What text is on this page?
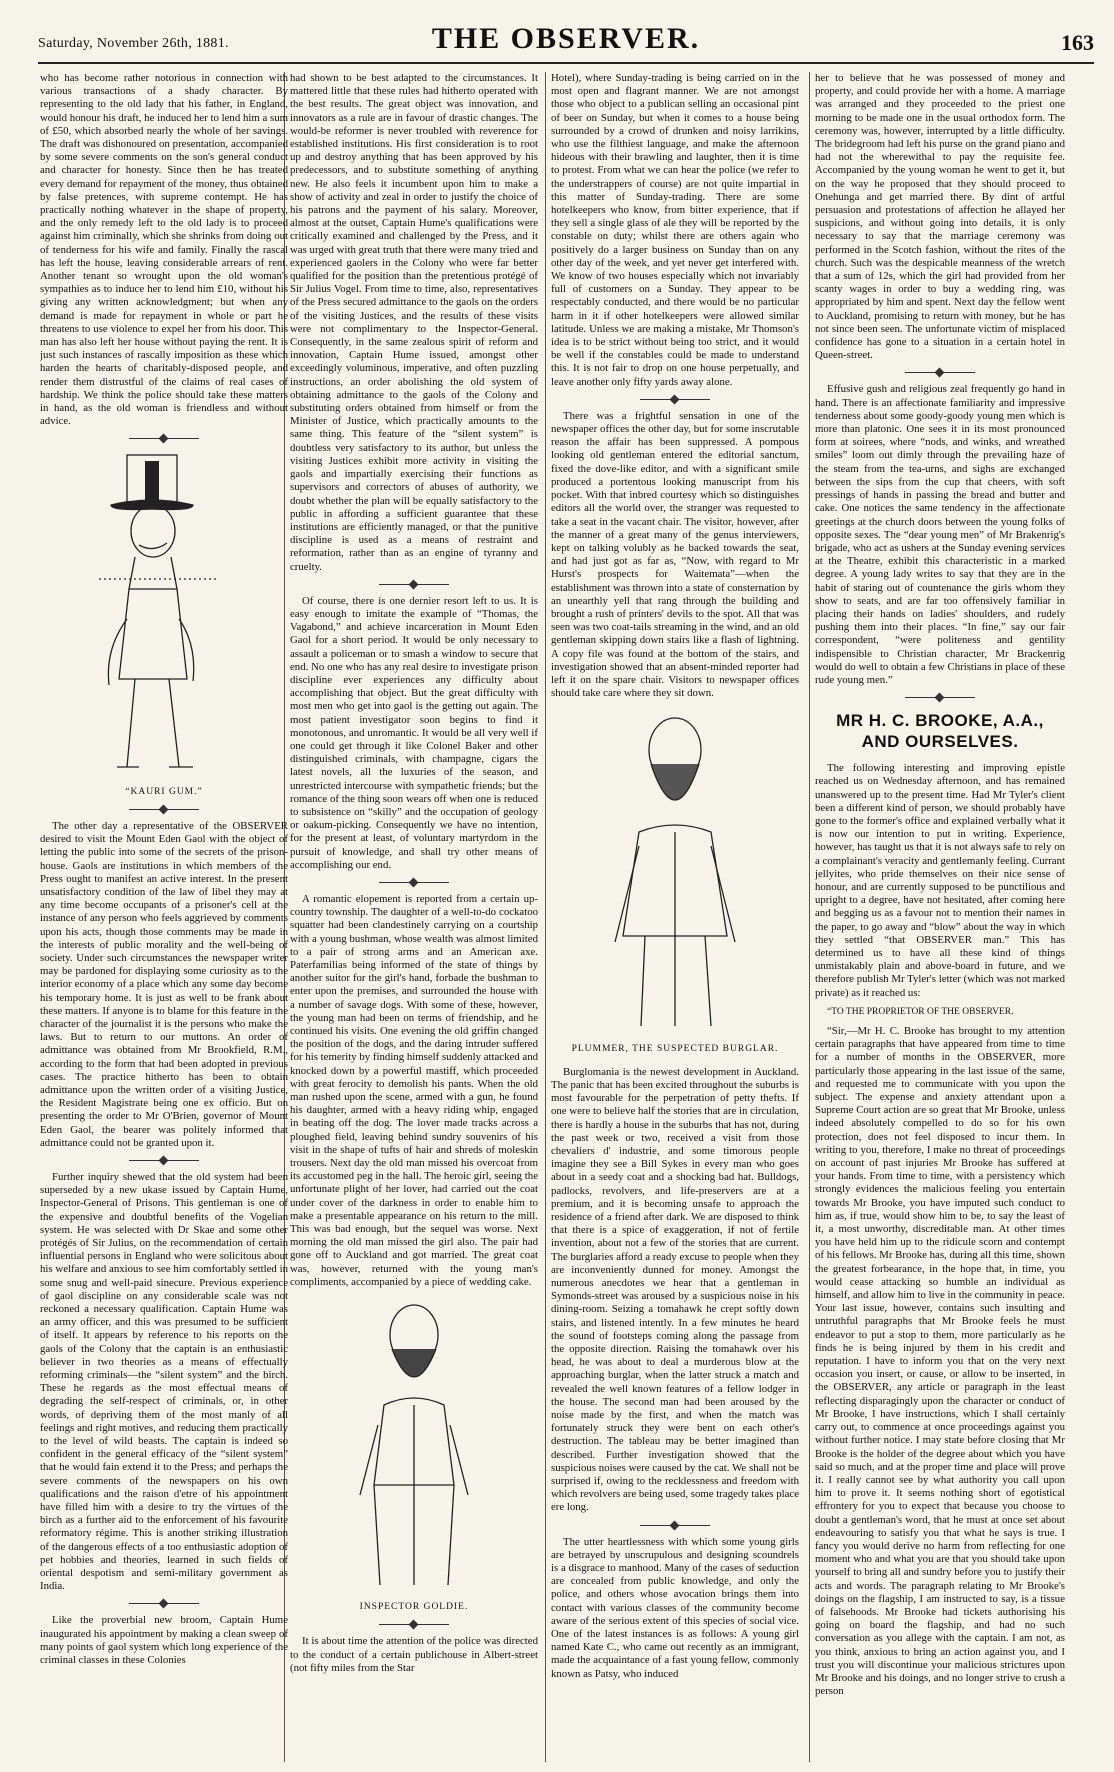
Saturday, November 26th, 1881.	THE OBSERVER.	163

who has become rather notorious in connection with various transactions of a shady character. By representing to the old lady that his father, in England, would honour his draft, he induced her to lend him a sum of £50, which absorbed nearly the whole of her savings. The draft was dishonoured on presentation, accompanied by some severe comments on the son's general conduct and character for honesty. Since then he has treated every demand for repayment of the money, thus obtained by false pretences, with supreme contempt. He has practically nothing whatever in the shape of property, and the only remedy left to the old lady is to proceed against him criminally, which she shrinks from doing out of tenderness for his wife and family. Finally the rascal has left the house, leaving considerable arrears of rent. Another tenant so wrought upon the old woman's sympathies as to induce her to lend him £10, without his giving any written acknowledgment; but when any demand is made for repayment in whole or part he threatens to use violence to expel her from his door. This man has also left her house without paying the rent. It is just such instances of rascally imposition as these which harden the hearts of charitably-disposed people, and render them distrustful of the claims of real cases of hardship. We think the police should take these matters in hand, as the old woman is friendless and without advice.

“KAURI GUM.”

The other day a representative of the OBSERVER desired to visit the Mount Eden Gaol with the object of letting the public into some of the secrets of the prison-house. Gaols are institutions in which members of the Press ought to manifest an active interest. In the present unsatisfactory condition of the law of libel they may at any time become occupants of a prisoner's cell at the instance of any person who feels aggrieved by comments upon his acts, though those comments may be made in the interests of public morality and the well-being of society. Under such circumstances the newspaper writer may be pardoned for displaying some curiosity as to the interior economy of a place which any some day become his temporary home. It is just as well to be frank about these matters. If anyone is to blame for this feature in the character of the journalist it is the persons who make the laws. But to return to our muttons. An order of admittance was obtained from Mr Brookfield, R.M., according to the form that had been adopted in previous cases. The practice hitherto has been to obtain admittance upon the written order of a visiting Justice, the Resident Magistrate being one ex officio. But on presenting the order to Mr O'Brien, governor of Mount Eden Gaol, the bearer was politely informed that admittance could not be granted upon it.

Further inquiry shewed that the old system had been superseded by a new ukase issued by Captain Hume, Inspector-General of Prisons. This gentleman is one of the expensive and doubtful benefits of the Vogelian system. He was selected with Dr Skae and some other protégés of Sir Julius, on the recommendation of certain influential persons in England who were solicitous about his welfare and anxious to see him comfortably settled in some snug and well-paid sinecure. Previous experience of gaol discipline on any considerable scale was not reckoned a necessary qualification. Captain Hume was an army officer, and this was presumed to be sufficient of itself. It appears by reference to his reports on the gaols of the Colony that the captain is an enthusiastic believer in two theories as a means of effectually reforming criminals—the “silent system” and the birch. These he regards as the most effectual means of degrading the self-respect of criminals, or, in other words, of depriving them of the most manly of all feelings and right motives, and reducing them practically to the level of wild beasts. The captain is indeed so confident in the general efficacy of the “silent system” that he would fain extend it to the Press; and perhaps the severe comments of the newspapers on his own qualifications and the raison d'etre of his appointment have filled him with a desire to try the virtues of the birch as a further aid to the enforcement of his favourite reformatory régime. This is another striking illustration of the dangerous effects of a too enthusiastic adoption of pet hobbies and theories, learned in such fields of oriental despotism and semi-military government as India.

Like the proverbial new broom, Captain Hume inaugurated his appointment by making a clean sweep of many points of gaol system which long experience of the criminal classes in these Colonies

had shown to be best adapted to the circumstances. It mattered little that these rules had hitherto operated with the best results. The great object was innovation, and innovators as a rule are in favour of drastic changes. The would-be reformer is never troubled with reverence for established institutions. His first consideration is to root up and destroy anything that has been approved by his predecessors, and to substitute something of anything new. He also feels it incumbent upon him to make a show of activity and zeal in order to justify the choice of his patrons and the payment of his salary. Moreover, almost at the outset, Captain Hume's qualifications were critically examined and challenged by the Press, and it was urged with great truth that there were many tried and experienced gaolers in the Colony who were far better qualified for the position than the pretentious protégé of Sir Julius Vogel. From time to time, also, representatives of the Press secured admittance to the gaols on the orders of the visiting Justices, and the results of these visits were not complimentary to the Inspector-General. Consequently, in the same zealous spirit of reform and innovation, Captain Hume issued, amongst other exceedingly voluminous, imperative, and often puzzling instructions, an order abolishing the old system of obtaining admittance to the gaols of the Colony and substituting orders obtained from himself or from the Minister of Justice, which practically amounts to the same thing. This feature of the “silent system” is doubtless very satisfactory to its author, but unless the visiting Justices exhibit more activity in visiting the gaols and impartially exercising their functions as supervisors and correctors of abuses of authority, we doubt whether the plan will be equally satisfactory to the public in affording a sufficient guarantee that these institutions are efficiently managed, or that the punitive discipline is used as a means of restraint and reformation, rather than as an engine of tyranny and cruelty.

Of course, there is one dernier resort left to us. It is easy enough to imitate the example of “Thomas, the Vagabond,” and achieve incarceration in Mount Eden Gaol for a short period. It would be only necessary to assault a policeman or to smash a window to secure that end. No one who has any real desire to investigate prison discipline ever experiences any difficulty about accomplishing that object. But the great difficulty with most men who get into gaol is the getting out again. The most patient investigator soon begins to find it monotonous, and unromantic. It would be all very well if one could get through it like Colonel Baker and other distinguished criminals, with champagne, cigars the latest novels, all the luxuries of the season, and unrestricted intercourse with sympathetic friends; but the romance of the thing soon wears off when one is reduced to subsistence on “skilly” and the occupation of geology or oakum-picking. Consequently we have no intention, for the present at least, of voluntary martyrdom in the pursuit of knowledge, and shall try other means of accomplishing our end.

A romantic elopement is reported from a certain up-country township. The daughter of a well-to-do cockatoo squatter had been clandestinely carrying on a courtship with a young bushman, whose wealth was almost limited to a pair of strong arms and an American axe. Paterfamilias being informed of the state of things by another suitor for the girl's hand, forbade the bushman to enter upon the premises, and surrounded the house with a number of savage dogs. With some of these, however, the young man had been on terms of friendship, and he continued his visits. One evening the old griffin changed the position of the dogs, and the daring intruder suffered for his temerity by finding himself suddenly attacked and knocked down by a powerful mastiff, which proceeded with great ferocity to demolish his pants. When the old man rushed upon the scene, armed with a gun, he found his daughter, armed with a heavy riding whip, engaged in beating off the dog. The lover made tracks across a ploughed field, leaving behind sundry souvenirs of his visit in the shape of tufts of hair and shreds of moleskin trousers. Next day the old man missed his overcoat from its accustomed peg in the hall. The heroic girl, seeing the unfortunate plight of her lover, had carried out the coat under cover of the darkness in order to enable him to make a presentable appearance on his return to the mill. This was bad enough, but the sequel was worse. Next morning the old man missed the girl also. The pair had gone off to Auckland and got married. The great coat was, however, returned with the young man's compliments, accompanied by a piece of wedding cake.

INSPECTOR GOLDIE.

It is about time the attention of the police was directed to the conduct of a certain publichouse in Albert-street (not fifty miles from the Star

Hotel), where Sunday-trading is being carried on in the most open and flagrant manner. We are not amongst those who object to a publican selling an occasional pint of beer on Sunday, but when it comes to a house being surrounded by a crowd of drunken and noisy larrikins, who use the filthiest language, and make the afternoon hideous with their brawling and laughter, then it is time to protest. From what we can hear the police (we refer to the understrappers of course) are not quite impartial in this matter of Sunday-trading. There are some hotelkeepers who know, from bitter experience, that if they sell a single glass of ale they will be reported by the constable on duty; whilst there are others again who positively do a larger business on Sunday than on any other day of the week, and yet never get interfered with. We know of two houses especially which not invariably full of customers on a Sunday. They appear to be respectably conducted, and there would be no particular harm in it if other hotelkeepers were allowed similar latitude. Unless we are making a mistake, Mr Thomson's idea is to be strict without being too strict, and it would be well if the constables could be made to understand this. It is not fair to drop on one house perpetually, and leave another only fifty yards away alone.

There was a frightful sensation in one of the newspaper offices the other day, but for some inscrutable reason the affair has been suppressed. A pompous looking old gentleman entered the editorial sanctum, fixed the dove-like editor, and with a significant smile produced a portentous looking manuscript from his pocket. With that inbred courtesy which so distinguishes editors all the world over, the stranger was requested to take a seat in the vacant chair. The visitor, however, after the manner of a great many of the genus interviewers, kept on talking volubly as he backed towards the seat, and had just got as far as, “Now, with regard to Mr Hurst's prospects for Waitemata”—when the establishment was thrown into a state of consternation by an unearthly yell that rang through the building and brought a rush of printers' devils to the spot. All that was seen was two coat-tails streaming in the wind, and an old gentleman skipping down stairs like a flash of lightning. A copy file was found at the bottom of the stairs, and investigation showed that an absent-minded reporter had left it on the spare chair. Visitors to newspaper offices should take care where they sit down.

PLUMMER, THE SUSPECTED BURGLAR.

Burglomania is the newest development in Auckland. The panic that has been excited throughout the suburbs is most favourable for the perpetration of petty thefts. If one were to believe half the stories that are in circulation, there is hardly a house in the suburbs that has not, during the past week or two, received a visit from those chevaliers d' industrie, and some timorous people imagine they see a Bill Sykes in every man who goes about in a seedy coat and a shocking bad hat. Bulldogs, padlocks, revolvers, and life-preservers are at a premium, and it is becoming unsafe to approach the residence of a friend after dark. We are disposed to think that there is a spice of exaggeration, if not of fertile invention, about not a few of the stories that are current. The burglaries afford a ready excuse to people when they are inconveniently dunned for money. Amongst the numerous anecdotes we hear that a gentleman in Symonds-street was aroused by a suspicious noise in his dining-room. Seizing a tomahawk he crept softly down stairs, and listened intently. In a few minutes he heard the sound of footsteps coming along the passage from the opposite direction. Raising the tomahawk over his head, he was about to deal a murderous blow at the approaching burglar, when the latter struck a match and revealed the well known features of a fellow lodger in the house. The second man had been aroused by the noise made by the first, and when the match was fortunately struck they were bent on each other's destruction. The tableau may be better imagined than described. Further investigation showed that the suspicious noises were caused by the cat. We shall not be surprised if, owing to the recklessness and freedom with which revolvers are being used, some tragedy takes place ere long.

The utter heartlessness with which some young girls are betrayed by unscrupulous and designing scoundrels is a disgrace to manhood. Many of the cases of seduction are concealed from public knowledge, and only the police, and others whose avocation brings them into contact with various classes of the community become aware of the serious extent of this species of social vice. One of the latest instances is as follows: A young girl named Kate C., who came out recently as an immigrant, made the acquaintance of a fast young fellow, commonly known as Patsy, who induced

her to believe that he was possessed of money and property, and could provide her with a home. A marriage was arranged and they proceeded to the priest one morning to be made one in the usual orthodox form. The ceremony was, however, interrupted by a little difficulty. The bridegroom had left his purse on the grand piano and had not the wherewithal to pay the requisite fee. Accompanied by the young woman he went to get it, but on the way he proposed that they should proceed to Onehunga and get married there. By dint of artful persuasion and protestations of affection he allayed her suspicions, and without going into details, it is only necessary to say that the marriage ceremony was performed in the Scotch fashion, without the rites of the church. Such was the despicable meanness of the wretch that a sum of 12s, which the girl had provided from her scanty wages in order to buy a wedding ring, was appropriated by him and spent. Next day the fellow went to Auckland, promising to return with money, but he has not since been seen. The unfortunate victim of misplaced confidence has gone to a situation in a certain hotel in Queen-street.

Effusive gush and religious zeal frequently go hand in hand. There is an affectionate familiarity and impressive tenderness about some goody-goody young men which is more than platonic. One sees it in its most pronounced form at soirees, where “nods, and winks, and wreathed smiles” loom out dimly through the prevailing haze of the steam from the tea-urns, and sighs are exchanged between the sips from the cup that cheers, with soft pressings of hands in passing the bread and butter and cake. One notices the same tendency in the affectionate greetings at the church doors between the young folks of opposite sexes. The “dear young men” of Mr Brakenrig's brigade, who act as ushers at the Sunday evening services at the Theatre, exhibit this characteristic in a marked degree. A young lady writes to say that they are in the habit of staring out of countenance the girls whom they show to seats, and are far too offensively familiar in placing their hands on ladies' shoulders, and rudely pushing them into their places. “In fine,” say our fair correspondent, “were politeness and gentility indispensible to Christian character, Mr Brackenrig would do well to obtain a few Christians in place of these rude young men.”

MR H. C. BROOKE, A.A., AND OURSELVES.

The following interesting and improving epistle reached us on Wednesday afternoon, and has remained unanswered up to the present time. Had Mr Tyler's client been a different kind of person, we should probably have gone to the former's office and explained verbally what it is now our intention to put in writing. Experience, however, has taught us that it is not always safe to rely on a complainant's veracity and gentlemanly feeling. Currant jellyites, who pride themselves on their nice sense of honour, and are currently supposed to be punctilious and upright to a degree, have not hesitated, after coming here and begging us as a favour not to mention their names in the paper, to go away and “blow” about the way in which they settled “that OBSERVER man.” This has determined us to have all these kind of things unmistakably plain and above-board in future, and we therefore publish Mr Tyler's letter (which was not marked private) as it reached us:

“TO THE PROPRIETOR OF THE OBSERVER.

“Sir,—Mr H. C. Brooke has brought to my attention certain paragraphs that have appeared from time to time for a number of months in the OBSERVER, more particularly those appearing in the last issue of the same, and requested me to communicate with you upon the subject. The expense and anxiety attendant upon a Supreme Court action are so great that Mr Brooke, unless indeed absolutely compelled to do so for his own protection, does not feel disposed to incur them. In writing to you, therefore, I make no threat of proceedings on account of past injuries Mr Brooke has suffered at your hands. From time to time, with a persistency which strongly evidences the malicious feeling you entertain towards Mr Brooke, you have imputed such conduct to him as, if true, would show him to be, to say the least of it, a most unworthy, discreditable man. At other times you have held him up to the ridicule scorn and contempt of his fellows. Mr Brooke has, during all this time, shown the greatest forbearance, in the hope that, in time, you would cease attacking so humble an individual as himself, and allow him to live in the community in peace. Your last issue, however, contains such insulting and untruthful paragraphs that Mr Brooke feels he must endeavor to put a stop to them, more particularly as he finds he is being injured by them in his credit and reputation. I have to inform you that on the very next occasion you insert, or cause, or allow to be inserted, in the OBSERVER, any article or paragraph in the least reflecting disparagingly upon the character or conduct of Mr Brooke, I have instructions, which I shall certainly carry out, to commence at once proceedings against you without further notice. I may state before closing that Mr Brooke is the holder of the degree about which you have said so much, and at the proper time and place will prove it. I really cannot see by what authority you call upon him to prove it. It seems nothing short of egotistical effrontery for you to expect that because you choose to doubt a gentleman's word, that he must at once set about endeavouring to satisfy you that what he says is true. I fancy you would derive no harm from reflecting for one moment who and what you are that you should take upon yourself to bring all and sundry before you to justify their acts and words. The paragraph relating to Mr Brooke's doings on the flagship, I am instructed to say, is a tissue of falsehoods. Mr Brooke had tickets authorising his going on board the flagship, and had no such conversation as you allege with the captain. I am not, as you think, anxious to bring an action against you, and I trust you will discontinue your malicious strictures upon Mr Brooke and his doings, and no longer strive to crush a person
